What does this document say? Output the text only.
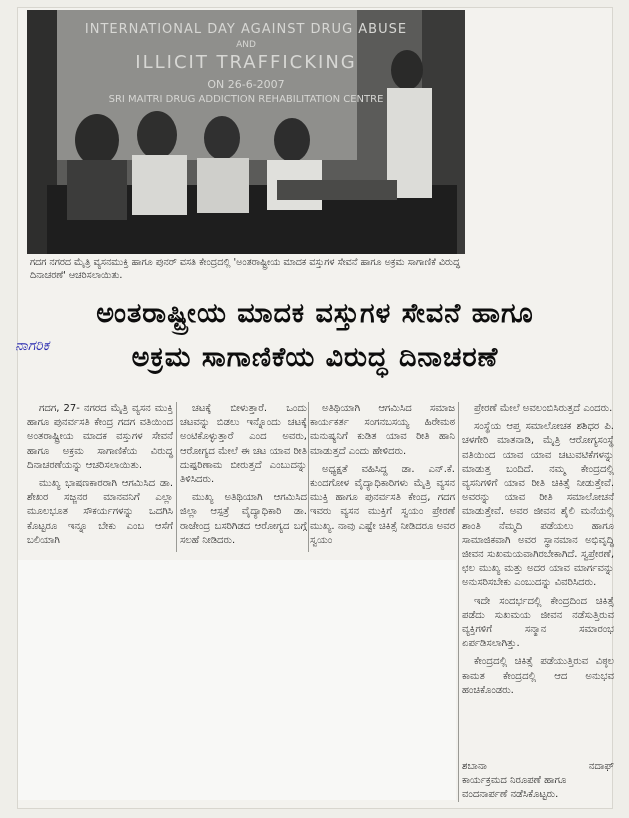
INTERNATIONAL DAY AGAINST DRUG ABUSE
AND
ILLICIT TRAFFICKING
ON 26-6-2007
SRI MAITRI DRUG ADDICTION REHABILITATION CENTRE
ಗದಗ ನಗರದ ಮೈತ್ರಿ ವ್ಯಸನಮುಕ್ತಿ ಹಾಗೂ ಪುನರ್ ವಸತಿ ಕೇಂದ್ರದಲ್ಲಿ 'ಅಂತರಾಷ್ಟ್ರೀಯ ಮಾದಕ ವಸ್ತುಗಳ ಸೇವನೆ ಹಾಗೂ ಅಕ್ರಮ ಸಾಗಾಣಿಕೆ ವಿರುದ್ಧ ದಿನಾಚರಣೆ' ಆಚರಿಸಲಾಯಿತು.
ಅಂತರಾಷ್ಟ್ರೀಯ ಮಾದಕ ವಸ್ತುಗಳ ಸೇವನೆ ಹಾಗೂ
ನಾಗರಿಕ	ಅಕ್ರಮ ಸಾಗಾಣಿಕೆಯ ವಿರುದ್ಧ ದಿನಾಚರಣೆ

ಗದಗ, 27- ನಗರದ ಮೈತ್ರಿ ವ್ಯಸನ ಮುಕ್ತಿ ಹಾಗೂ ಪುನರ್ವಸತಿ ಕೇಂದ್ರ ಗದಗ ವತಿಯಿಂದ ಅಂತರಾಷ್ಟ್ರೀಯ ಮಾದಕ ವಸ್ತುಗಳ ಸೇವನೆ ಹಾಗೂ ಅಕ್ರಮ ಸಾಗಾಣಿಕೆಯ ವಿರುದ್ಧ ದಿನಾಚರಣೆಯನ್ನು ಆಚರಿಸಲಾಯಿತು.

ಮುಖ್ಯ ಭಾಷಣಕಾರರಾಗಿ ಆಗಮಿಸಿದ ಡಾ. ಶೇಖರ ಸಜ್ಜನರ ಮಾನವನಿಗೆ ಎಲ್ಲಾ ಮೂಲಭೂತ ಸೌಕರ್ಯಗಳನ್ನು ಒದಗಿಸಿ ಕೊಟ್ಟರೂ ಇನ್ನೂ ಬೇಕು ಎಂಬ ಆಸೆಗೆ ಬಲಿಯಾಗಿ

ಚಟಕ್ಕೆ ಬೀಳುತ್ತಾರೆ. ಒಂದು ಚಟವನ್ನು ಬಿಡಲು ಇನ್ನೊಂದು ಚಟಕ್ಕೆ ಅಂಟಿಕೊಳ್ಳುತ್ತಾರೆ ಎಂದ ಅವರು, ಆರೋಗ್ಯದ ಮೇಲೆ ಈ ಚಟ ಯಾವ ರೀತಿ ದುಷ್ಪರಿಣಾಮ ಬೀರುತ್ತದೆ ಎಂಬುದನ್ನು ತಿಳಿಸಿದರು.

ಮುಖ್ಯ ಅತಿಥಿಯಾಗಿ ಆಗಮಿಸಿದ ಜಿಲ್ಲಾ ಆಸ್ಪತ್ರೆ ವೈದ್ಯಾಧಿಕಾರಿ ಡಾ. ರಾಜೇಂದ್ರ ಬಸರಿಗಿಡದ ಆರೋಗ್ಯದ ಬಗ್ಗೆ ಸಲಹೆ ನೀಡಿದರು.

ಅತಿಥಿಯಾಗಿ ಆಗಮಿಸಿದ ಸಮಾಜ ಕಾರ್ಯಕರ್ತ ಸಂಗನಬಸಯ್ಯ ಹಿರೇಮಠ ಮನುಷ್ಯನಿಗೆ ಕುಡಿತ ಯಾವ ರೀತಿ ಹಾನಿ ಮಾಡುತ್ತದೆ ಎಂದು ಹೇಳಿದರು.

ಅಧ್ಯಕ್ಷತೆ ವಹಿಸಿದ್ದ ಡಾ. ಎನ್.ಕೆ. ಕುಂದಗೋಳ ವೈದ್ಯಾಧಿಕಾರಿಗಳು ಮೈತ್ರಿ ವ್ಯಸನ ಮುಕ್ತಿ ಹಾಗೂ ಪುನರ್ವಸತಿ ಕೇಂದ್ರ, ಗದಗ ಇವರು ವ್ಯಸನ ಮುಕ್ತಿಗೆ ಸ್ವಯಂ ಪ್ರೇರಣೆ ಮುಖ್ಯ. ನಾವು ಎಷ್ಟೇ ಚಿಕಿತ್ಸೆ ನೀಡಿದರೂ ಅವರ ಸ್ವಯಂ

ಪ್ರೇರಣೆ ಮೇಲೆ ಅವಲಂಬಿಸಿರುತ್ತದೆ ಎಂದರು.

ಸಂಸ್ಥೆಯ ಆಪ್ತ ಸಮಾಲೋಚಕ ಶಶಿಧರ ಪಿ. ಚಳಗೇರಿ ಮಾತನಾಡಿ, ಮೈತ್ರಿ ಆರೋಗ್ಯಸಂಸ್ಥೆ ವತಿಯಿಂದ ಯಾವ ಯಾವ ಚಟುವಟಿಕೆಗಳನ್ನು ಮಾಡುತ್ತ ಬಂದಿದೆ. ನಮ್ಮ ಕೇಂದ್ರದಲ್ಲಿ ವ್ಯಸನಿಗಳಿಗೆ ಯಾವ ರೀತಿ ಚಿಕಿತ್ಸೆ ನೀಡುತ್ತೇವೆ. ಅವರನ್ನು ಯಾವ ರೀತಿ ಸಮಾಲೋಚನೆ ಮಾಡುತ್ತೇವೆ. ಅವರ ಜೀವನ ಶೈಲಿ ಮನೆಯಲ್ಲಿ ಶಾಂತಿ ನೆಮ್ಮದಿ ಪಡೆಯಲು ಹಾಗೂ ಸಾಮಾಜಿಕವಾಗಿ ಅವರ ಸ್ಥಾನಮಾನ ಅಭಿವೃದ್ಧಿ ಜೀವನ ಸುಖಮಯವಾಗಿರಬೇಕಾಗಿದೆ. ಸ್ವಪ್ರೇರಣೆ, ಛಲ ಮುಖ್ಯ ಮತ್ತು ಅದರ ಯಾವ ಮಾರ್ಗವನ್ನು ಅನುಸರಿಸಬೇಕು ಎಂಬುದನ್ನು ವಿವರಿಸಿದರು.

ಇದೇ ಸಂದರ್ಭದಲ್ಲಿ ಕೇಂದ್ರದಿಂದ ಚಿಕಿತ್ಸೆ ಪಡೆದು ಸುಖಮಯ ಜೀವನ ನಡೆಸುತ್ತಿರುವ ವ್ಯಕ್ತಿಗಳಿಗೆ ಸನ್ಮಾನ ಸಮಾರಂಭ ಏರ್ಪಡಿಸಲಾಗಿತ್ತು.

ಕೇಂದ್ರದಲ್ಲಿ ಚಿಕಿತ್ಸೆ ಪಡೆಯುತ್ತಿರುವ ವಿಠ್ಠಲ ಕಾಮತ ಕೇಂದ್ರದಲ್ಲಿ ಆದ ಅನುಭವ ಹಂಚಿಕೊಂಡರು.

ಶಬಾನಾ	ನದಾಫ್
ಕಾರ್ಯಕ್ರಮದ ನಿರೂಪಣೆ ಹಾಗೂ ವಂದನಾರ್ಪಣೆ ನಡೆಸಿಕೊಟ್ಟರು.
